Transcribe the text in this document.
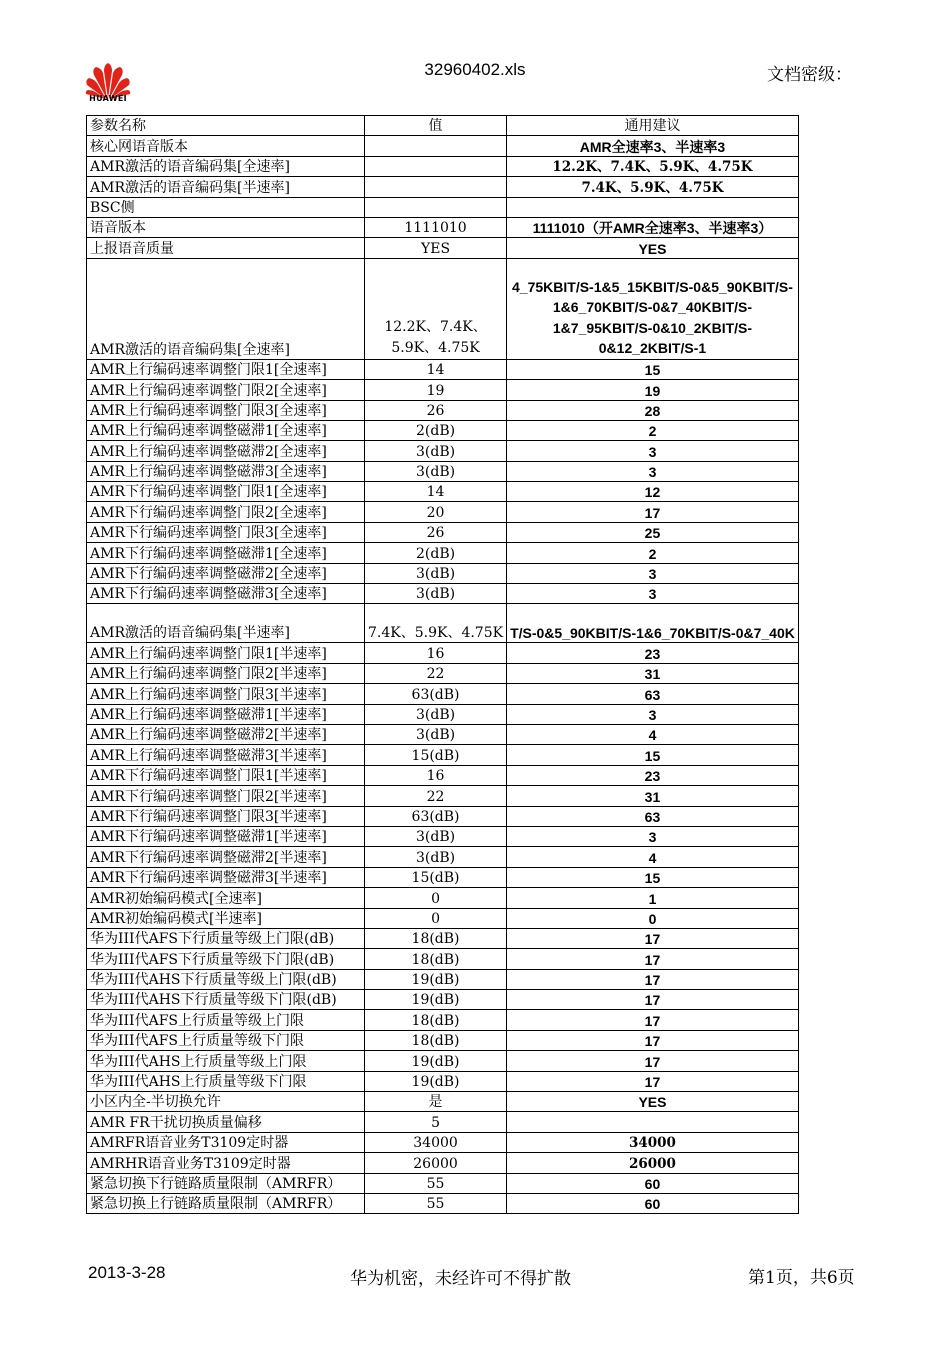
HUAWEI
32960402.xls	文档密级：
参数名称	值	通用建议
核心网语音版本		AMR全速率3、半速率3
AMR激活的语音编码集[全速率]		12.2K、7.4K、5.9K、4.75K
AMR激活的语音编码集[半速率]		7.4K、5.9K、4.75K
BSC侧		
语音版本	1111010	1111010（开AMR全速率3、半速率3）
上报语音质量	YES	YES
AMR激活的语音编码集[全速率]	12.2K、7.4K、5.9K、4.75K	4_75KBIT/S-1&5_15KBIT/S-0&5_90KBIT/S-1&6_70KBIT/S-0&7_40KBIT/S-1&7_95KBIT/S-0&10_2KBIT/S-0&12_2KBIT/S-1
AMR上行编码速率调整门限1[全速率]	14	15
AMR上行编码速率调整门限2[全速率]	19	19
AMR上行编码速率调整门限3[全速率]	26	28
AMR上行编码速率调整磁滞1[全速率]	2(dB)	2
AMR上行编码速率调整磁滞2[全速率]	3(dB)	3
AMR上行编码速率调整磁滞3[全速率]	3(dB)	3
AMR下行编码速率调整门限1[全速率]	14	12
AMR下行编码速率调整门限2[全速率]	20	17
AMR下行编码速率调整门限3[全速率]	26	25
AMR下行编码速率调整磁滞1[全速率]	2(dB)	2
AMR下行编码速率调整磁滞2[全速率]	3(dB)	3
AMR下行编码速率调整磁滞3[全速率]	3(dB)	3
AMR激活的语音编码集[半速率]	7.4K、5.9K、4.75K	T/S-0&5_90KBIT/S-1&6_70KBIT/S-0&7_40K
AMR上行编码速率调整门限1[半速率]	16	23
AMR上行编码速率调整门限2[半速率]	22	31
AMR上行编码速率调整门限3[半速率]	63(dB)	63
AMR上行编码速率调整磁滞1[半速率]	3(dB)	3
AMR上行编码速率调整磁滞2[半速率]	3(dB)	4
AMR上行编码速率调整磁滞3[半速率]	15(dB)	15
AMR下行编码速率调整门限1[半速率]	16	23
AMR下行编码速率调整门限2[半速率]	22	31
AMR下行编码速率调整门限3[半速率]	63(dB)	63
AMR下行编码速率调整磁滞1[半速率]	3(dB)	3
AMR下行编码速率调整磁滞2[半速率]	3(dB)	4
AMR下行编码速率调整磁滞3[半速率]	15(dB)	15
AMR初始编码模式[全速率]	0	1
AMR初始编码模式[半速率]	0	0
华为III代AFS下行质量等级上门限(dB)	18(dB)	17
华为III代AFS下行质量等级下门限(dB)	18(dB)	17
华为III代AHS下行质量等级上门限(dB)	19(dB)	17
华为III代AHS下行质量等级下门限(dB)	19(dB)	17
华为III代AFS上行质量等级上门限	18(dB)	17
华为III代AFS上行质量等级下门限	18(dB)	17
华为III代AHS上行质量等级上门限	19(dB)	17
华为III代AHS上行质量等级下门限	19(dB)	17
小区内全-半切换允许	是	YES
AMR FR干扰切换质量偏移	5	
AMRFR语音业务T3109定时器	34000	34000
AMRHR语音业务T3109定时器	26000	26000
紧急切换下行链路质量限制（AMRFR）	55	60
紧急切换上行链路质量限制（AMRFR）	55	60
2013-3-28	华为机密，未经许可不得扩散	第1页，共6页
